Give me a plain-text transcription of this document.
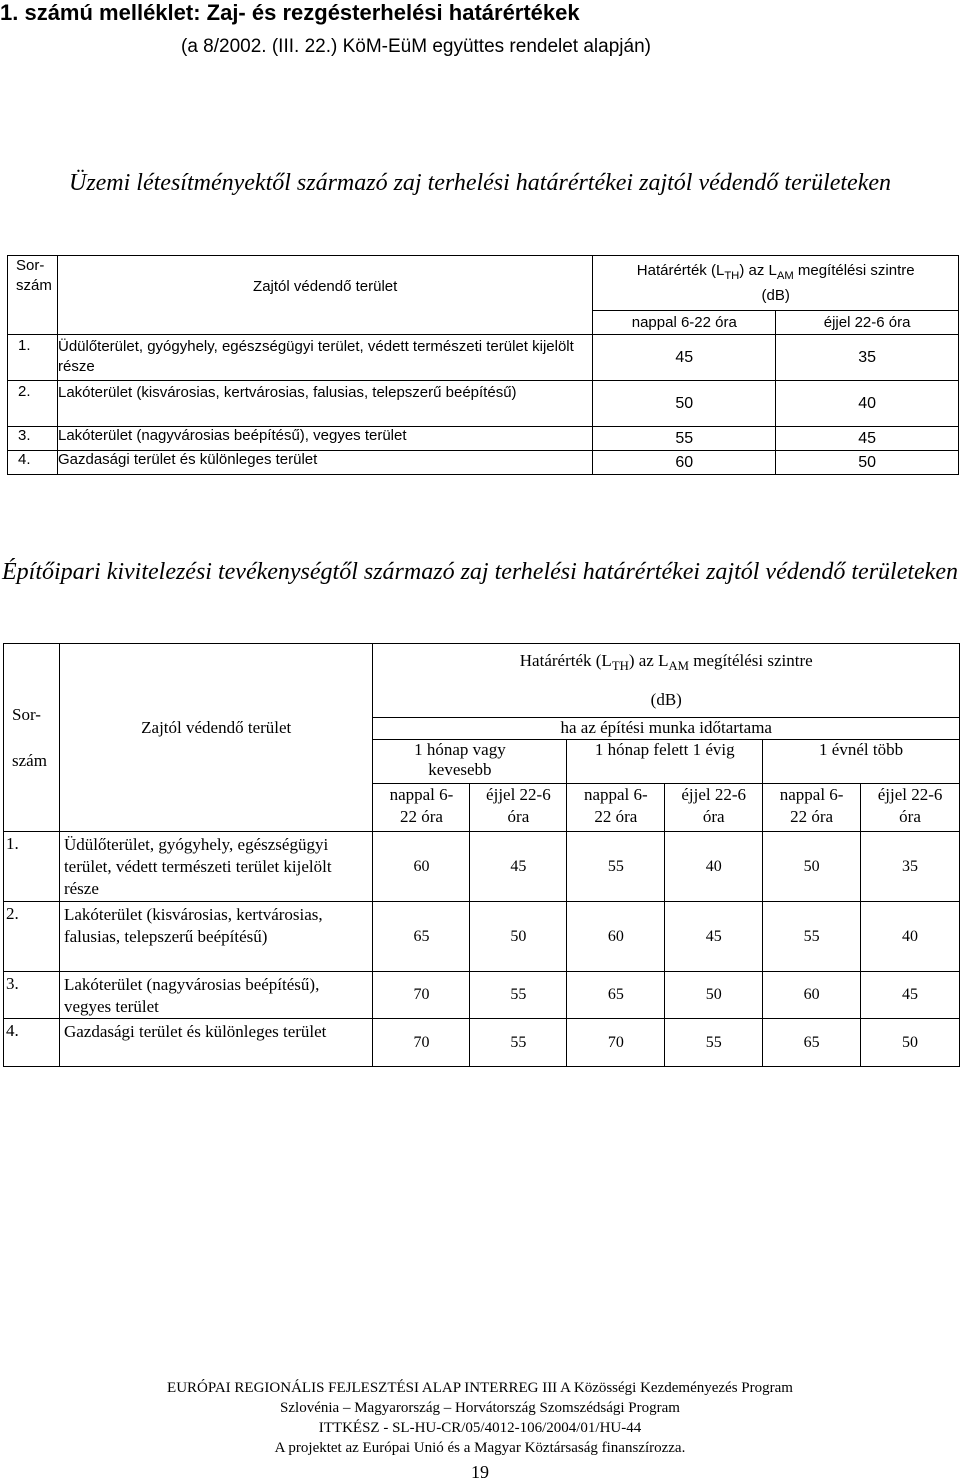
1. számú melléklet: Zaj- és rezgésterhelési határértékek
(a 8/2002. (III. 22.) KöM-EüM együttes rendelet alapján)
Üzemi létesítményektől származó zaj terhelési határértékei zajtól védendő területeken
Sor-szám	Zajtól védendő terület	Határérték $(L_{TH})$ az $L_{AM}$ megítélési szintre
(dB)	
		nappal 6-22 óra	éjjel 22-6 óra
1.	Üdülőterület, gyógyhely, egészségügyi terület, védett természeti terület kijelölt része	45	35
2.	Lakóterület (kisvárosias, kertvárosias, falusias, telepszerű beépítésű)	50	40
3.	Lakóterület (nagyvárosias beépítésű), vegyes terület	55	45
4.	Gazdasági terület és különleges terület	60	50
Építőipari kivitelezési tevékenységtől származó zaj terhelési határértékei zajtól védendő területeken
Sor-szám	Zajtól védendő terület	Határérték $(L_{TH})$ az $L_{AM}$ megítélési szintre
(dB)					
		ha az építési munka időtartama					
		1 hónap vagy kevesebb		1 hónap felett 1 évig		1 évnél több	
		nappal 6-22 óra	éjjel 22-6 óra	nappal 6-22 óra	éjjel 22-6 óra	nappal 6-22 óra	éjjel 22-6 óra
1.	Üdülőterület, gyógyhely, egészségügyi terület, védett természeti terület kijelölt része	60	45	55	40	50	35
2.	Lakóterület (kisvárosias, kertvárosias, falusias, telepszerű beépítésű)	65	50	60	45	55	40
3.	Lakóterület (nagyvárosias beépítésű), vegyes terület	70	55	65	50	60	45
4.	Gazdasági terület és különleges terület	70	55	70	55	65	50
EURÓPAI REGIONÁLIS FEJLESZTÉSI ALAP INTERREG III A Közösségi Kezdeményezés Program
Szlovénia – Magyarország – Horvátország Szomszédsági Program
ITTKÉSZ - SL-HU-CR/05/4012-106/2004/01/HU-44
A projektet az Európai Unió és a Magyar Köztársaság finanszírozza.
19
